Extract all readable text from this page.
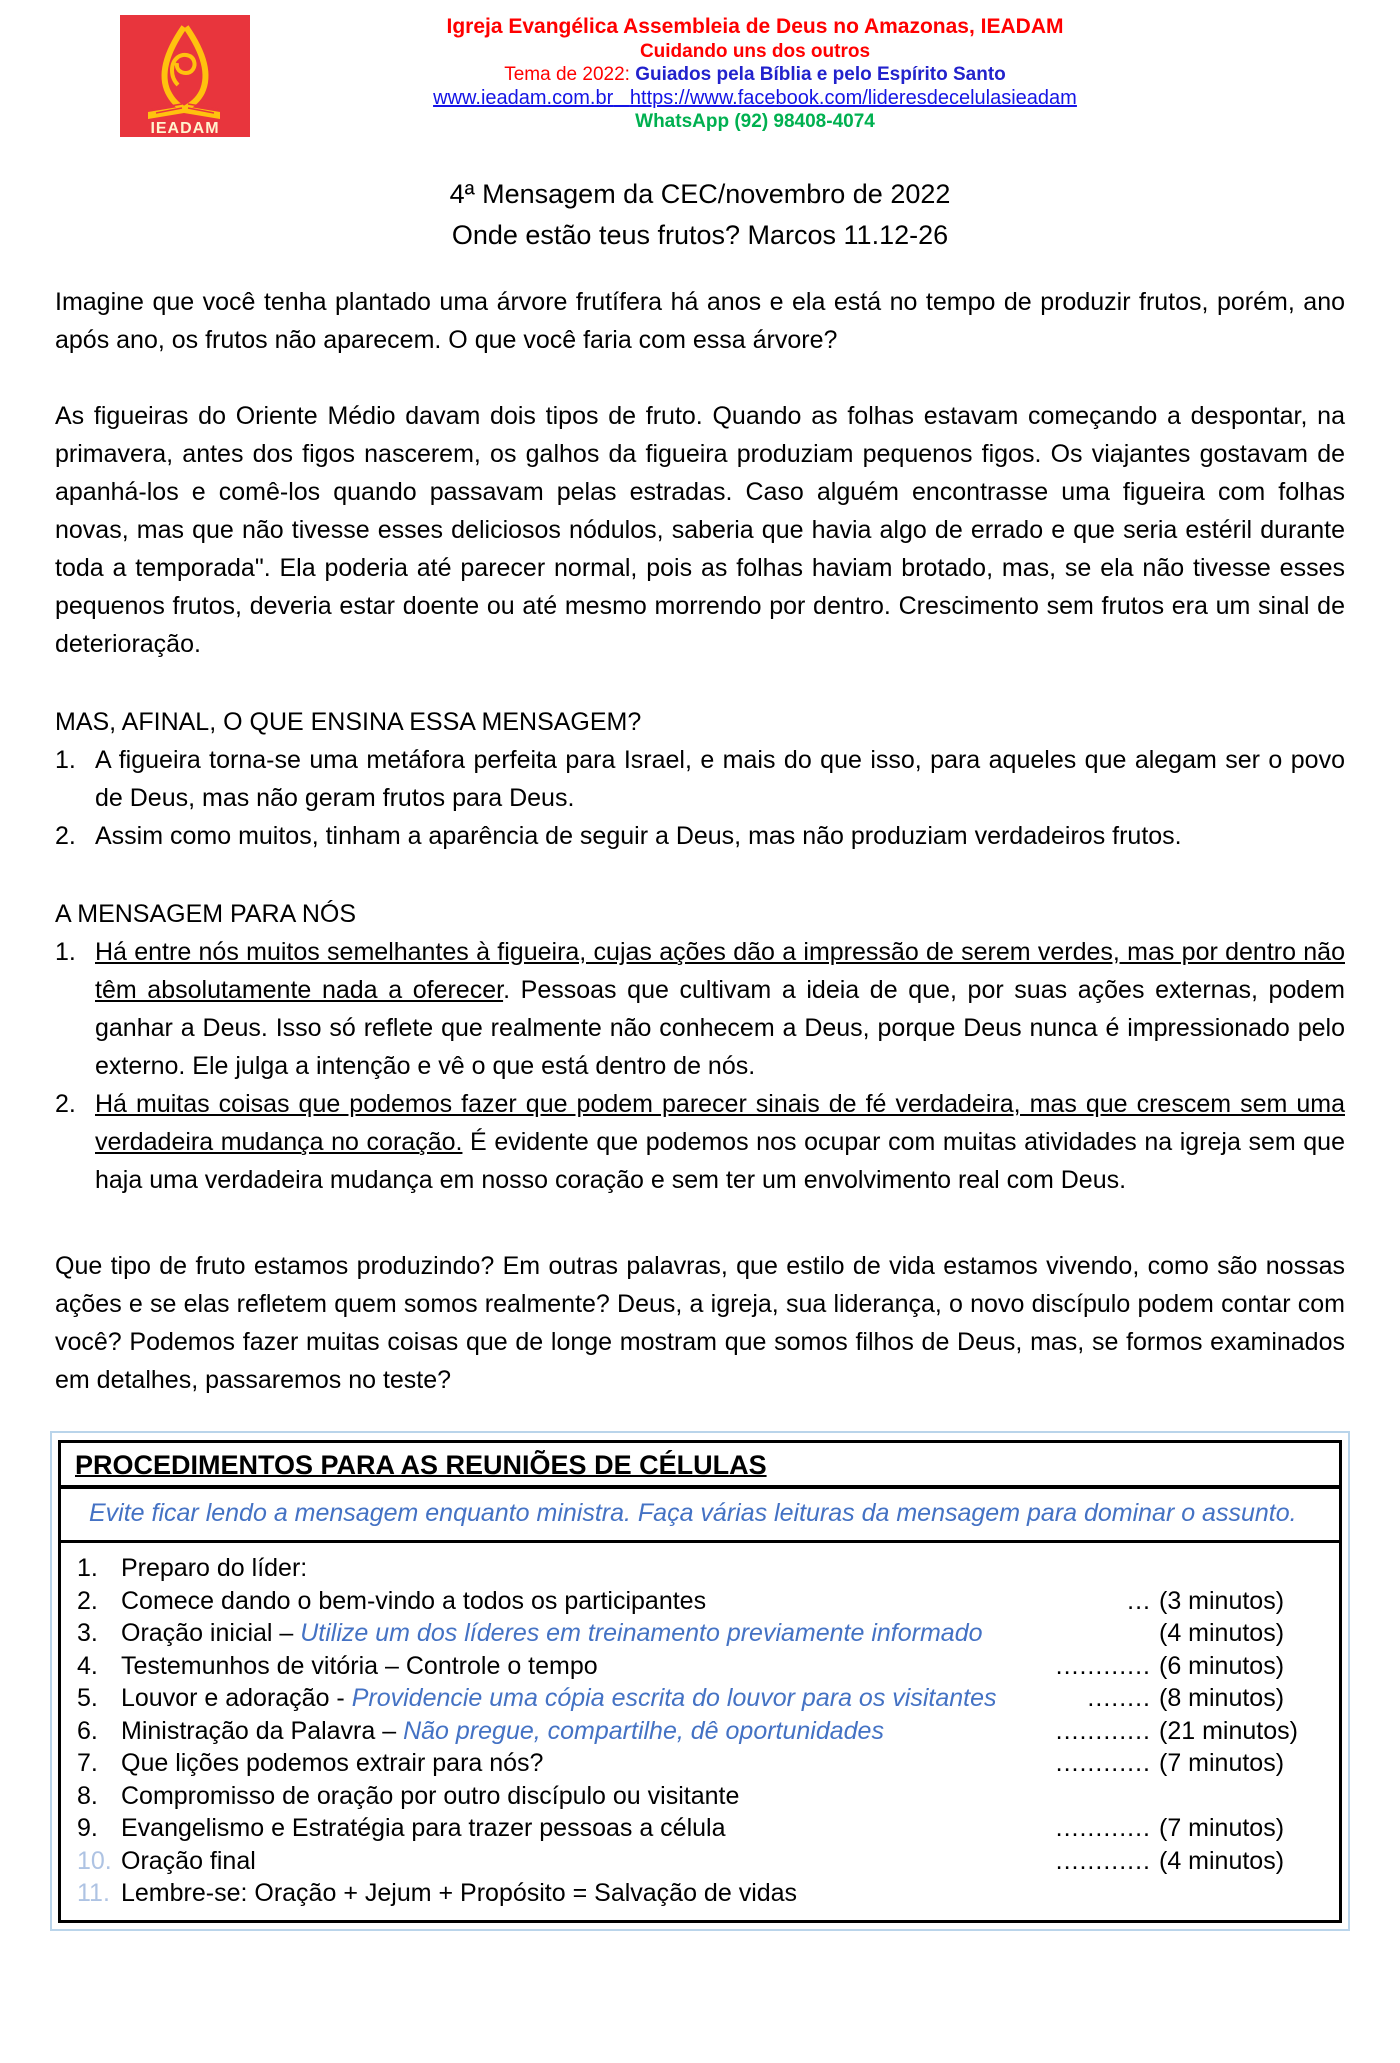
IEADAM
Igreja Evangélica Assembleia de Deus no Amazonas, IEADAM
Cuidando uns dos outros
Tema de 2022: Guiados pela Bíblia e pelo Espírito Santo
www.ieadam.com.br https://www.facebook.com/lideresdecelulasieadam
WhatsApp (92) 98408-4074
4ª Mensagem da CEC/novembro de 2022
Onde estão teus frutos? Marcos 11.12-26

Imagine que você tenha plantado uma árvore frutífera há anos e ela está no tempo de produzir frutos, porém, ano após ano, os frutos não aparecem. O que você faria com essa árvore?

As figueiras do Oriente Médio davam dois tipos de fruto. Quando as folhas estavam começando a despontar, na primavera, antes dos figos nascerem, os galhos da figueira produziam pequenos figos. Os viajantes gostavam de apanhá-los e comê-los quando passavam pelas estradas. Caso alguém encontrasse uma figueira com folhas novas, mas que não tivesse esses deliciosos nódulos, saberia que havia algo de errado e que seria estéril durante toda a temporada". Ela poderia até parecer normal, pois as folhas haviam brotado, mas, se ela não tivesse esses pequenos frutos, deveria estar doente ou até mesmo morrendo por dentro. Crescimento sem frutos era um sinal de deterioração.

MAS, AFINAL, O QUE ENSINA ESSA MENSAGEM?
1. A figueira torna-se uma metáfora perfeita para Israel, e mais do que isso, para aqueles que alegam ser o povo de Deus, mas não geram frutos para Deus.
2. Assim como muitos, tinham a aparência de seguir a Deus, mas não produziam verdadeiros frutos.
A MENSAGEM PARA NÓS
1. Há entre nós muitos semelhantes à figueira, cujas ações dão a impressão de serem verdes, mas por dentro não têm absolutamente nada a oferecer. Pessoas que cultivam a ideia de que, por suas ações externas, podem ganhar a Deus. Isso só reflete que realmente não conhecem a Deus, porque Deus nunca é impressionado pelo externo. Ele julga a intenção e vê o que está dentro de nós.
2. Há muitas coisas que podemos fazer que podem parecer sinais de fé verdadeira, mas que crescem sem uma verdadeira mudança no coração. É evidente que podemos nos ocupar com muitas atividades na igreja sem que haja uma verdadeira mudança em nosso coração e sem ter um envolvimento real com Deus.

Que tipo de fruto estamos produzindo? Em outras palavras, que estilo de vida estamos vivendo, como são nossas ações e se elas refletem quem somos realmente? Deus, a igreja, sua liderança, o novo discípulo podem contar com você? Podemos fazer muitas coisas que de longe mostram que somos filhos de Deus, mas, se formos examinados em detalhes, passaremos no teste?

PROCEDIMENTOS PARA AS REUNIÕES DE CÉLULAS
Evite ficar lendo a mensagem enquanto ministra. Faça várias leituras da mensagem para dominar o assunto.
1. Preparo do líder:
2. Comece dando o bem-vindo a todos os participantes	... (3 minutos)
3. Oração inicial – Utilize um dos líderes em treinamento previamente informado	(4 minutos)
4. Testemunhos de vitória – Controle o tempo	............ (6 minutos)
5. Louvor e adoração - Providencie uma cópia escrita do louvor para os visitantes	........ (8 minutos)
6. Ministração da Palavra – Não pregue, compartilhe, dê oportunidades	............ (21 minutos)
7. Que lições podemos extrair para nós?	............ (7 minutos)
8. Compromisso de oração por outro discípulo ou visitante
9. Evangelismo e Estratégia para trazer pessoas a célula	............ (7 minutos)
10. Oração final	............ (4 minutos)
11. Lembre-se: Oração + Jejum + Propósito = Salvação de vidas
